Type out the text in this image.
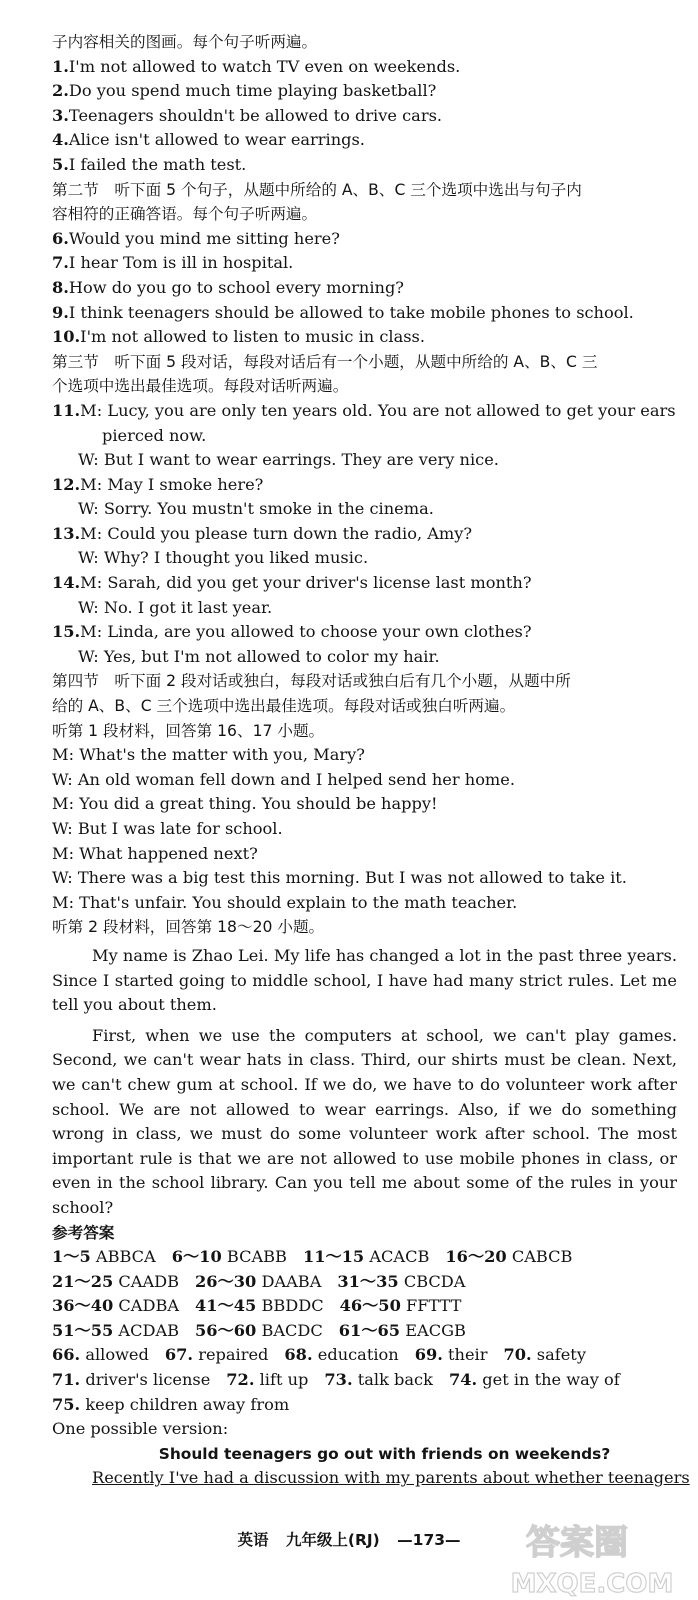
子内容相关的图画。每个句子听两遍。
1.I'm not allowed to watch TV even on weekends.
2.Do you spend much time playing basketball?
3.Teenagers shouldn't be allowed to drive cars.
4.Alice isn't allowed to wear earrings.
5.I failed the math test.
第二节　听下面 5 个句子，从题中所给的 A、B、C 三个选项中选出与句子内
容相符的正确答语。每个句子听两遍。
6.Would you mind me sitting here?
7.I hear Tom is ill in hospital.
8.How do you go to school every morning?
9.I think teenagers should be allowed to take mobile phones to school.
10.I'm not allowed to listen to music in class.
第三节　听下面 5 段对话，每段对话后有一个小题，从题中所给的 A、B、C 三
个选项中选出最佳选项。每段对话听两遍。
11.M: Lucy, you are only ten years old. You are not allowed to get your ears
pierced now.
W: But I want to wear earrings. They are very nice.
12.M: May I smoke here?
W: Sorry. You mustn't smoke in the cinema.
13.M: Could you please turn down the radio, Amy?
W: Why? I thought you liked music.
14.M: Sarah, did you get your driver's license last month?
W: No. I got it last year.
15.M: Linda, are you allowed to choose your own clothes?
W: Yes, but I'm not allowed to color my hair.
第四节　听下面 2 段对话或独白，每段对话或独白后有几个小题，从题中所
给的 A、B、C 三个选项中选出最佳选项。每段对话或独白听两遍。
听第 1 段材料，回答第 16、17 小题。
M: What's the matter with you, Mary?
W: An old woman fell down and I helped send her home.
M: You did a great thing. You should be happy!
W: But I was late for school.
M: What happened next?
W: There was a big test this morning. But I was not allowed to take it.
M: That's unfair. You should explain to the math teacher.
听第 2 段材料，回答第 18～20 小题。
My name is Zhao Lei. My life has changed a lot in the past three years. Since I started going to middle school, I have had many strict rules. Let me tell you about them.
First, when we use the computers at school, we can't play games. Second, we can't wear hats in class. Third, our shirts must be clean. Next, we can't chew gum at school. If we do, we have to do volunteer work after school. We are not allowed to wear earrings. Also, if we do something wrong in class, we must do some volunteer work after school. The most important rule is that we are not allowed to use mobile phones in class, or even in the school library. Can you tell me about some of the rules in your school?
参考答案
1～5 ABBCA 6～10 BCABB 11～15 ACACB 16～20 CABCB
21～25 CAADB 26～30 DAABA 31～35 CBCDA
36～40 CADBA 41～45 BBDDC 46～50 FFTTT
51～55 ACDAB 56～60 BACDC 61～65 EACGB
66. allowed 67. repaired 68. education 69. their 70. safety
71. driver's license 72. lift up 73. talk back 74. get in the way of
75. keep children away from
One possible version:
Should teenagers go out with friends on weekends?
Recently I've had a discussion with my parents about whether teenagers
英语 九年级上(RJ) —173—	答案圈
MXQE.COM
